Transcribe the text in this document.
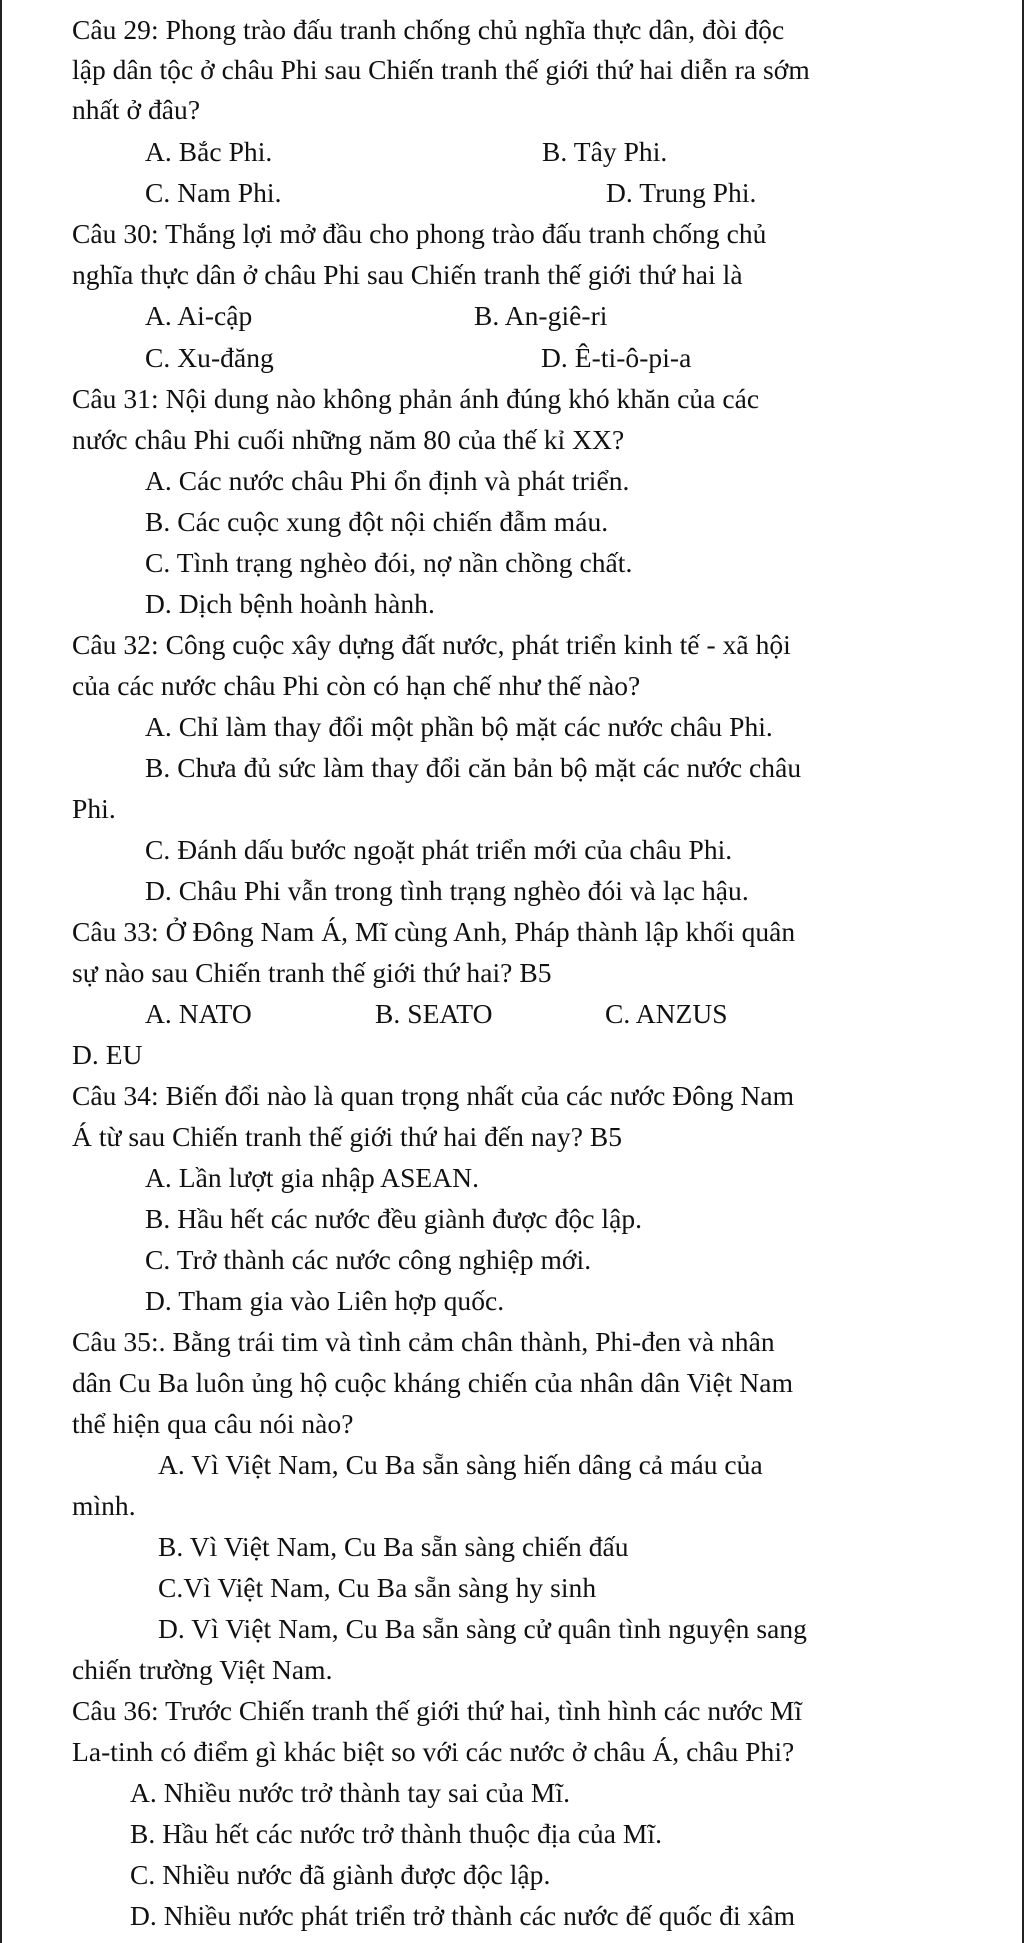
Câu 29: Phong trào đấu tranh chống chủ nghĩa thực dân, đòi độc
lập dân tộc ở châu Phi sau Chiến tranh thế giới thứ hai diễn ra sớm
nhất ở đâu?
A. Bắc Phi.	B. Tây Phi.
C. Nam Phi.	D. Trung Phi.
Câu 30: Thắng lợi mở đầu cho phong trào đấu tranh chống chủ
nghĩa thực dân ở châu Phi sau Chiến tranh thế giới thứ hai là
A. Ai-cập	B. An-giê-ri
C. Xu-đăng	D. Ê-ti-ô-pi-a
Câu 31: Nội dung nào không phản ánh đúng khó khăn của các
nước châu Phi cuối những năm 80 của thế kỉ XX?
A. Các nước châu Phi ổn định và phát triển.
B. Các cuộc xung đột nội chiến đẫm máu.
C. Tình trạng nghèo đói, nợ nần chồng chất.
D. Dịch bệnh hoành hành.
Câu 32: Công cuộc xây dựng đất nước, phát triển kinh tế - xã hội
của các nước châu Phi còn có hạn chế như thế nào?
A. Chỉ làm thay đổi một phần bộ mặt các nước châu Phi.
B. Chưa đủ sức làm thay đổi căn bản bộ mặt các nước châu
Phi.
C. Đánh dấu bước ngoặt phát triển mới của châu Phi.
D. Châu Phi vẫn trong tình trạng nghèo đói và lạc hậu.
Câu 33: Ở Đông Nam Á, Mĩ cùng Anh, Pháp thành lập khối quân
sự nào sau Chiến tranh thế giới thứ hai? B5
A. NATO	B. SEATO	C. ANZUS
D. EU
Câu 34: Biến đổi nào là quan trọng nhất của các nước Đông Nam
Á từ sau Chiến tranh thế giới thứ hai đến nay? B5
A. Lần lượt gia nhập ASEAN.
B. Hầu hết các nước đều giành được độc lập.
C. Trở thành các nước công nghiệp mới.
D. Tham gia vào Liên hợp quốc.
Câu 35:. Bằng trái tim và tình cảm chân thành, Phi-đen và nhân
dân Cu Ba luôn ủng hộ cuộc kháng chiến của nhân dân Việt Nam
thể hiện qua câu nói nào?
A. Vì Việt Nam, Cu Ba sẵn sàng hiến dâng cả máu của
mình.
B. Vì Việt Nam, Cu Ba sẵn sàng chiến đấu
C.Vì Việt Nam, Cu Ba sẵn sàng hy sinh
D. Vì Việt Nam, Cu Ba sẵn sàng cử quân tình nguyện sang
chiến trường Việt Nam.
Câu 36: Trước Chiến tranh thế giới thứ hai, tình hình các nước Mĩ
La-tinh có điểm gì khác biệt so với các nước ở châu Á, châu Phi?
A. Nhiều nước trở thành tay sai của Mĩ.
B. Hầu hết các nước trở thành thuộc địa của Mĩ.
C. Nhiều nước đã giành được độc lập.
D. Nhiều nước phát triển trở thành các nước đế quốc đi xâm
